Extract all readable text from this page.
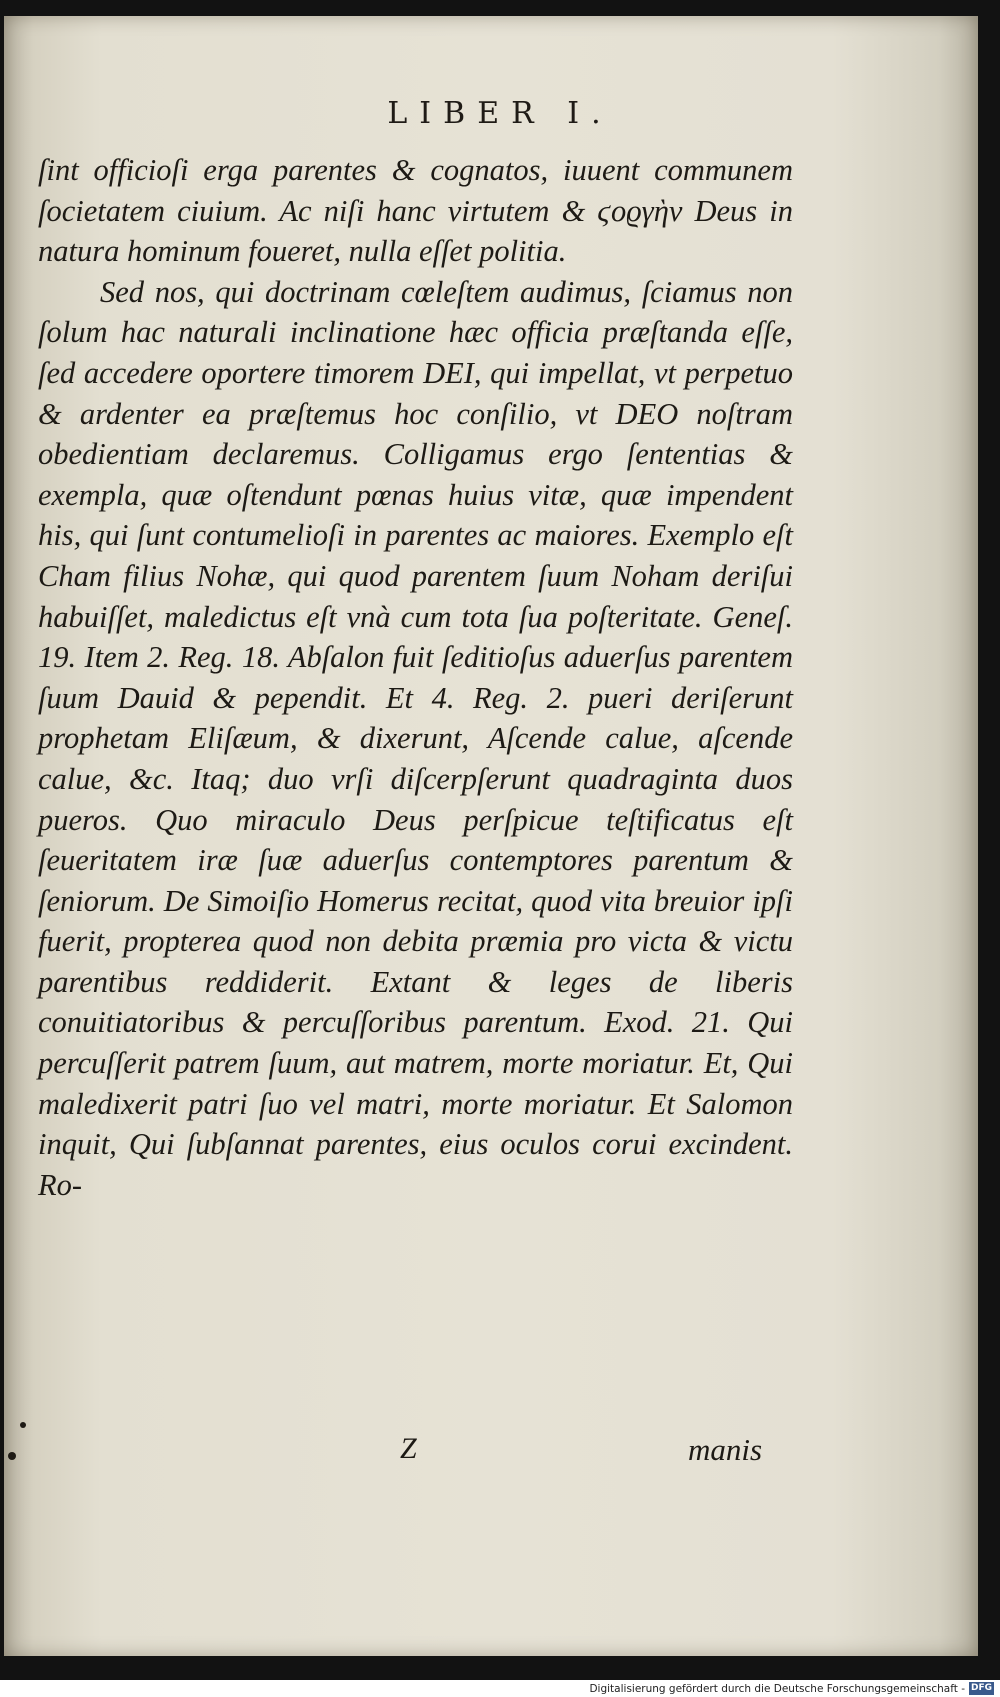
LIBER I.

ſint officioſi erga parentes & cognatos, iuuent communem ſocietatem ciuium. Ac niſi hanc virtutem & ϛοϱγὴν Deus in natura hominum foueret, nulla eſſet politia.

Sed nos, qui doctrinam cœleſtem audimus, ſciamus non ſolum hac naturali inclinatione hæc officia præſtanda eſſe, ſed accedere oportere timorem DEI, qui impellat, vt perpetuo & ardenter ea præſtemus hoc conſilio, vt DEO noſtram obedientiam declaremus. Colligamus ergo ſententias & exempla, quæ oſtendunt pœnas huius vitæ, quæ impendent his, qui ſunt contumelioſi in parentes ac maiores. Exemplo eſt Cham filius Nohæ, qui quod parentem ſuum Noham deriſui habuiſſet, maledictus eſt vnà cum tota ſua poſteritate. Geneſ. 19. Item 2. Reg. 18. Abſalon fuit ſeditioſus aduerſus parentem ſuum Dauid & pependit. Et 4. Reg. 2. pueri deriſerunt prophetam Eliſæum, & dixerunt, Aſcende calue, aſcende calue, &c. Itaq; duo vrſi diſcerpſerunt quadraginta duos pueros. Quo miraculo Deus perſpicue teſtificatus eſt ſeueritatem iræ ſuæ aduerſus contemptores parentum & ſeniorum. De Simoiſio Homerus recitat, quod vita breuior ipſi fuerit, propterea quod non debita præmia pro victa & victu parentibus reddiderit. Extant & leges de liberis conuitiatoribus & percuſſoribus parentum. Exod. 21. Qui percuſſerit patrem ſuum, aut matrem, morte moriatur. Et, Qui maledixerit patri ſuo vel matri, morte moriatur. Et Salomon inquit, Qui ſubſannat parentes, eius oculos corui excindent. Ro-

Z	manis
Digitalisierung gefördert durch die Deutsche Forschungsgemeinschaft - DFG
